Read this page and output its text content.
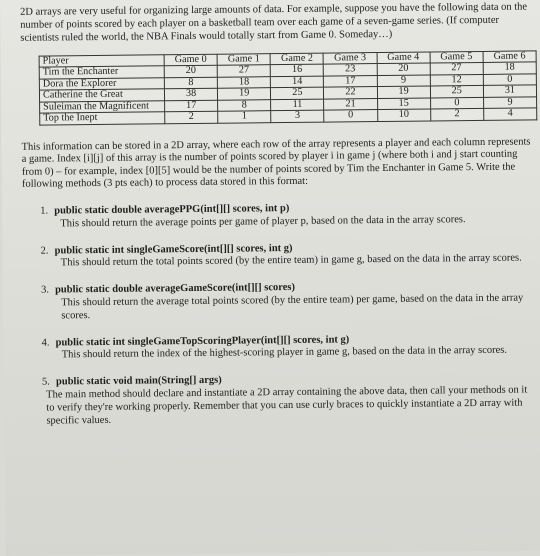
2D arrays are very useful for organizing large amounts of data. For example, suppose you have the following data on the number of points scored by each player on a basketball team over each game of a seven-game series. (If computer scientists ruled the world, the NBA Finals would totally start from Game 0. Someday…)

Player	Game 0	Game 1	Game 2	Game 3	Game 4	Game 5	Game 6
Tim the Enchanter	20	27	16	23	20	27	18
Dora the Explorer	8	18	14	17	9	12	0
Catherine the Great	38	19	25	22	19	25	31
Suleiman the Magnificent	17	8	11	21	15	0	9
Top the Inept	2	1	3	0	10	2	4

This information can be stored in a 2D array, where each row of the array represents a player and each column represents a game. Index [i][j] of this array is the number of points scored by player i in game j (where both i and j start counting from 0) – for example, index [0][5] would be the number of points scored by Tim the Enchanter in Game 5. Write the following methods (3 pts each) to process data stored in this format:

1. public static double averagePPG(int[][] scores, int p)
This should return the average points per game of player p, based on the data in the array scores.
2. public static int singleGameScore(int[][] scores, int g)
This should return the total points scored (by the entire team) in game g, based on the data in the array scores.
3. public static double averageGameScore(int[][] scores)
This should return the average total points scored (by the entire team) per game, based on the data in the array scores.
4. public static int singleGameTopScoringPlayer(int[][] scores, int g)
This should return the index of the highest-scoring player in game g, based on the data in the array scores.
5. public static void main(String[] args)
The main method should declare and instantiate a 2D array containing the above data, then call your methods on it to verify they're working properly. Remember that you can use curly braces to quickly instantiate a 2D array with specific values.
